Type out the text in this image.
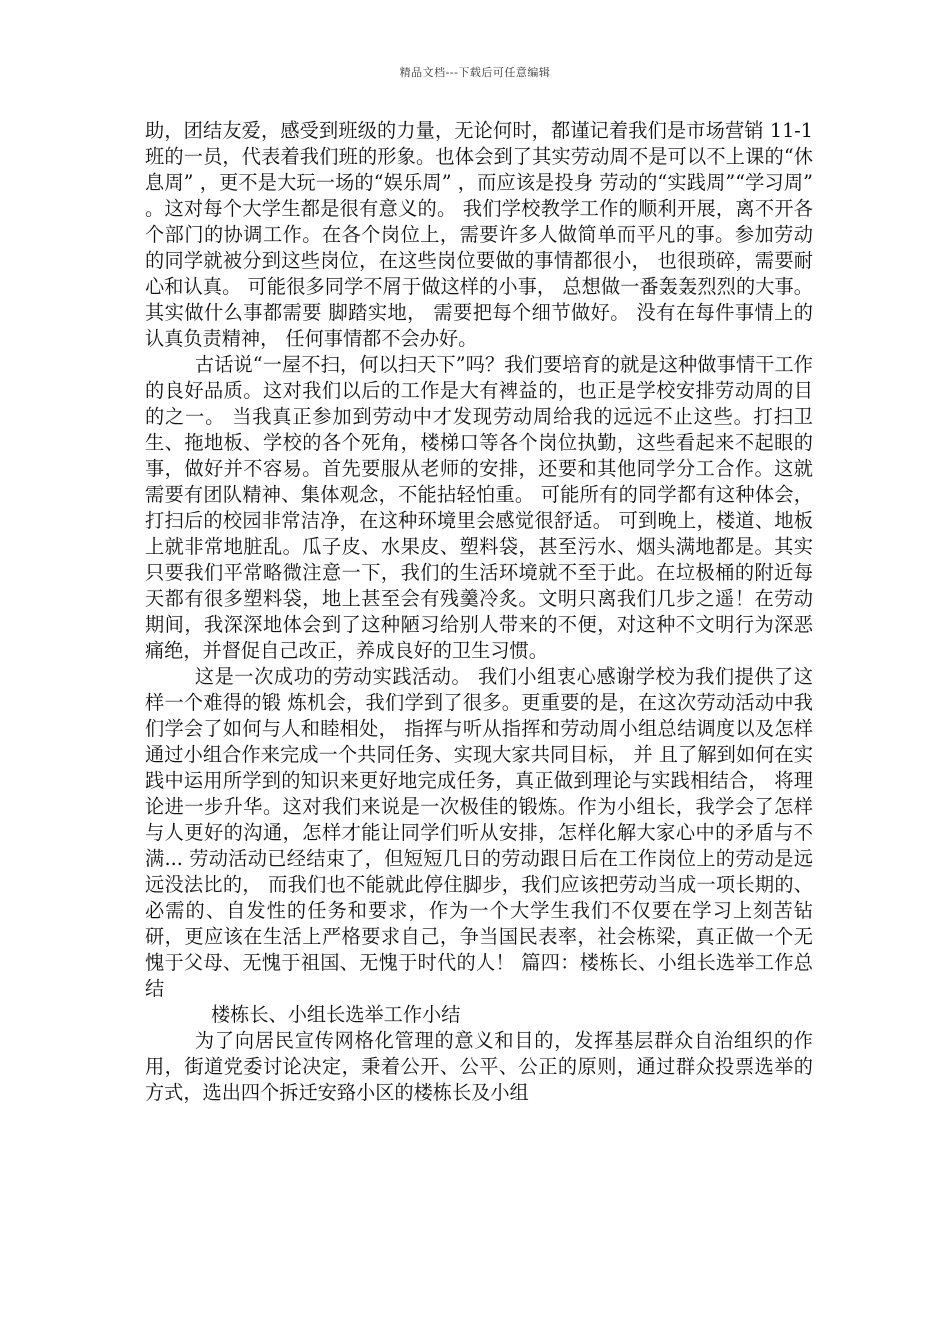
精品文档---下载后可任意编辑

助，团结友爱，感受到班级的力量，无论何时，都谨记着我们是市场营销 11-1 班的一员，代表着我们班的形象。也体会到了其实劳动周不是可以不上课的“休息周” ，更不是大玩一场的“娱乐周” ，而应该是投身 劳动的“实践周”“学习周” 。这对每个大学生都是很有意义的。 我们学校教学工作的顺利开展，离不开各个部门的协调工作。在各个岗位上，需要许多人做简单而平凡的事。参加劳动的同学就被分到这些岗位，在这些岗位要做的事情都很小， 也很琐碎，需要耐心和认真。 可能很多同学不屑于做这样的小事， 总想做一番轰轰烈烈的大事。 其实做什么事都需要 脚踏实地， 需要把每个细节做好。 没有在每件事情上的认真负责精神， 任何事情都不会办好。

古话说“一屋不扫，何以扫天下”吗？我们要培育的就是这种做事情干工作的良好品质。这对我们以后的工作是大有裨益的，也正是学校安排劳动周的目的之一。 当我真正参加到劳动中才发现劳动周给我的远远不止这些。打扫卫生、拖地板、学校的各个死角，楼梯口等各个岗位执勤，这些看起来不起眼的事，做好并不容易。首先要服从老师的安排，还要和其他同学分工合作。这就需要有团队精神、集体观念，不能拈轻怕重。 可能所有的同学都有这种体会，打扫后的校园非常洁净，在这种环境里会感觉很舒适。 可到晚上，楼道、地板上就非常地脏乱。瓜子皮、水果皮、塑料袋，甚至污水、烟头满地都是。其实只要我们平常略微注意一下，我们的生活环境就不至于此。在垃极桶的附近每天都有很多塑料袋，地上甚至会有残羹冷炙。文明只离我们几步之遥！在劳动期间，我深深地体会到了这种陋习给别人带来的不便，对这种不文明行为深恶痛绝，并督促自己改正，养成良好的卫生习惯。

这是一次成功的劳动实践活动。 我们小组衷心感谢学校为我们提供了这样一个难得的锻 炼机会，我们学到了很多。更重要的是，在这次劳动活动中我们学会了如何与人和睦相处， 指挥与听从指挥和劳动周小组总结调度以及怎样通过小组合作来完成一个共同任务、实现大家共同目标， 并 且了解到如何在实践中运用所学到的知识来更好地完成任务，真正做到理论与实践相结合， 将理论进一步升华。这对我们来说是一次极佳的锻炼。作为小组长，我学会了怎样与人更好的沟通，怎样才能让同学们听从安排，怎样化解大家心中的矛盾与不满... 劳动活动已经结束了，但短短几日的劳动跟日后在工作岗位上的劳动是远远没法比的， 而我们也不能就此停住脚步，我们应该把劳动当成一项长期的、必需的、自发性的任务和要求，作为一个大学生我们不仅要在学习上刻苦钻研，更应该在生活上严格要求自己，争当国民表率，社会栋梁，真正做一个无愧于父母、无愧于祖国、无愧于时代的人！ 篇四：楼栋长、小组长选举工作总结

楼栋长、小组长选举工作小结

为了向居民宣传网格化管理的意义和目的，发挥基层群众自治组织的作用，街道党委讨论决定，秉着公开、公平、公正的原则，通过群众投票选举的方式，选出四个拆迁安臵小区的楼栋长及小组
